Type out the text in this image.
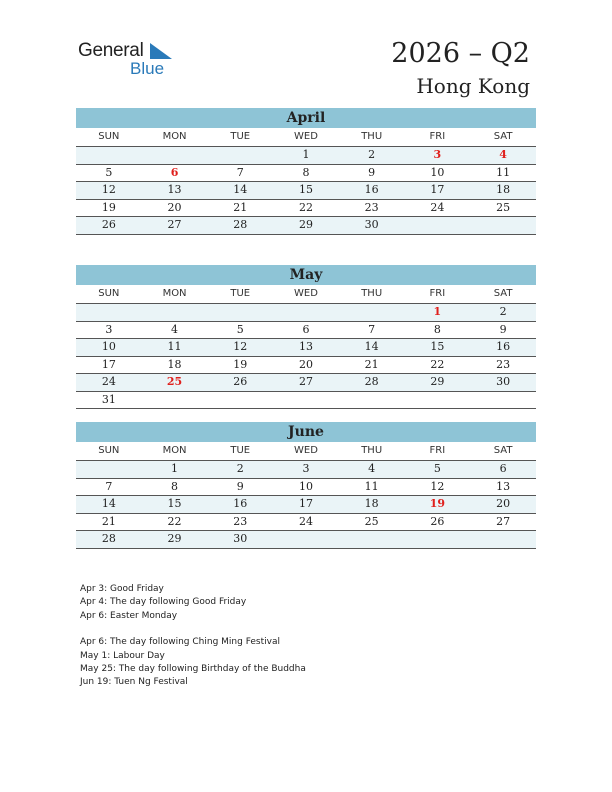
General
Blue	2026 – Q2
Hong Kong
April
SUN	MON	TUE	WED	THU	FRI	SAT
			1	2	3	4
5	6	7	8	9	10	11
12	13	14	15	16	17	18
19	20	21	22	23	24	25
26	27	28	29	30		
May
SUN	MON	TUE	WED	THU	FRI	SAT
					1	2
3	4	5	6	7	8	9
10	11	12	13	14	15	16
17	18	19	20	21	22	23
24	25	26	27	28	29	30
31						
June
SUN	MON	TUE	WED	THU	FRI	SAT
	1	2	3	4	5	6
7	8	9	10	11	12	13
14	15	16	17	18	19	20
21	22	23	24	25	26	27
28	29	30				
Apr 3: Good Friday
Apr 4: The day following Good Friday
Apr 6: Easter Monday
Apr 6: The day following Ching Ming Festival
May 1: Labour Day
May 25: The day following Birthday of the Buddha
Jun 19: Tuen Ng Festival
